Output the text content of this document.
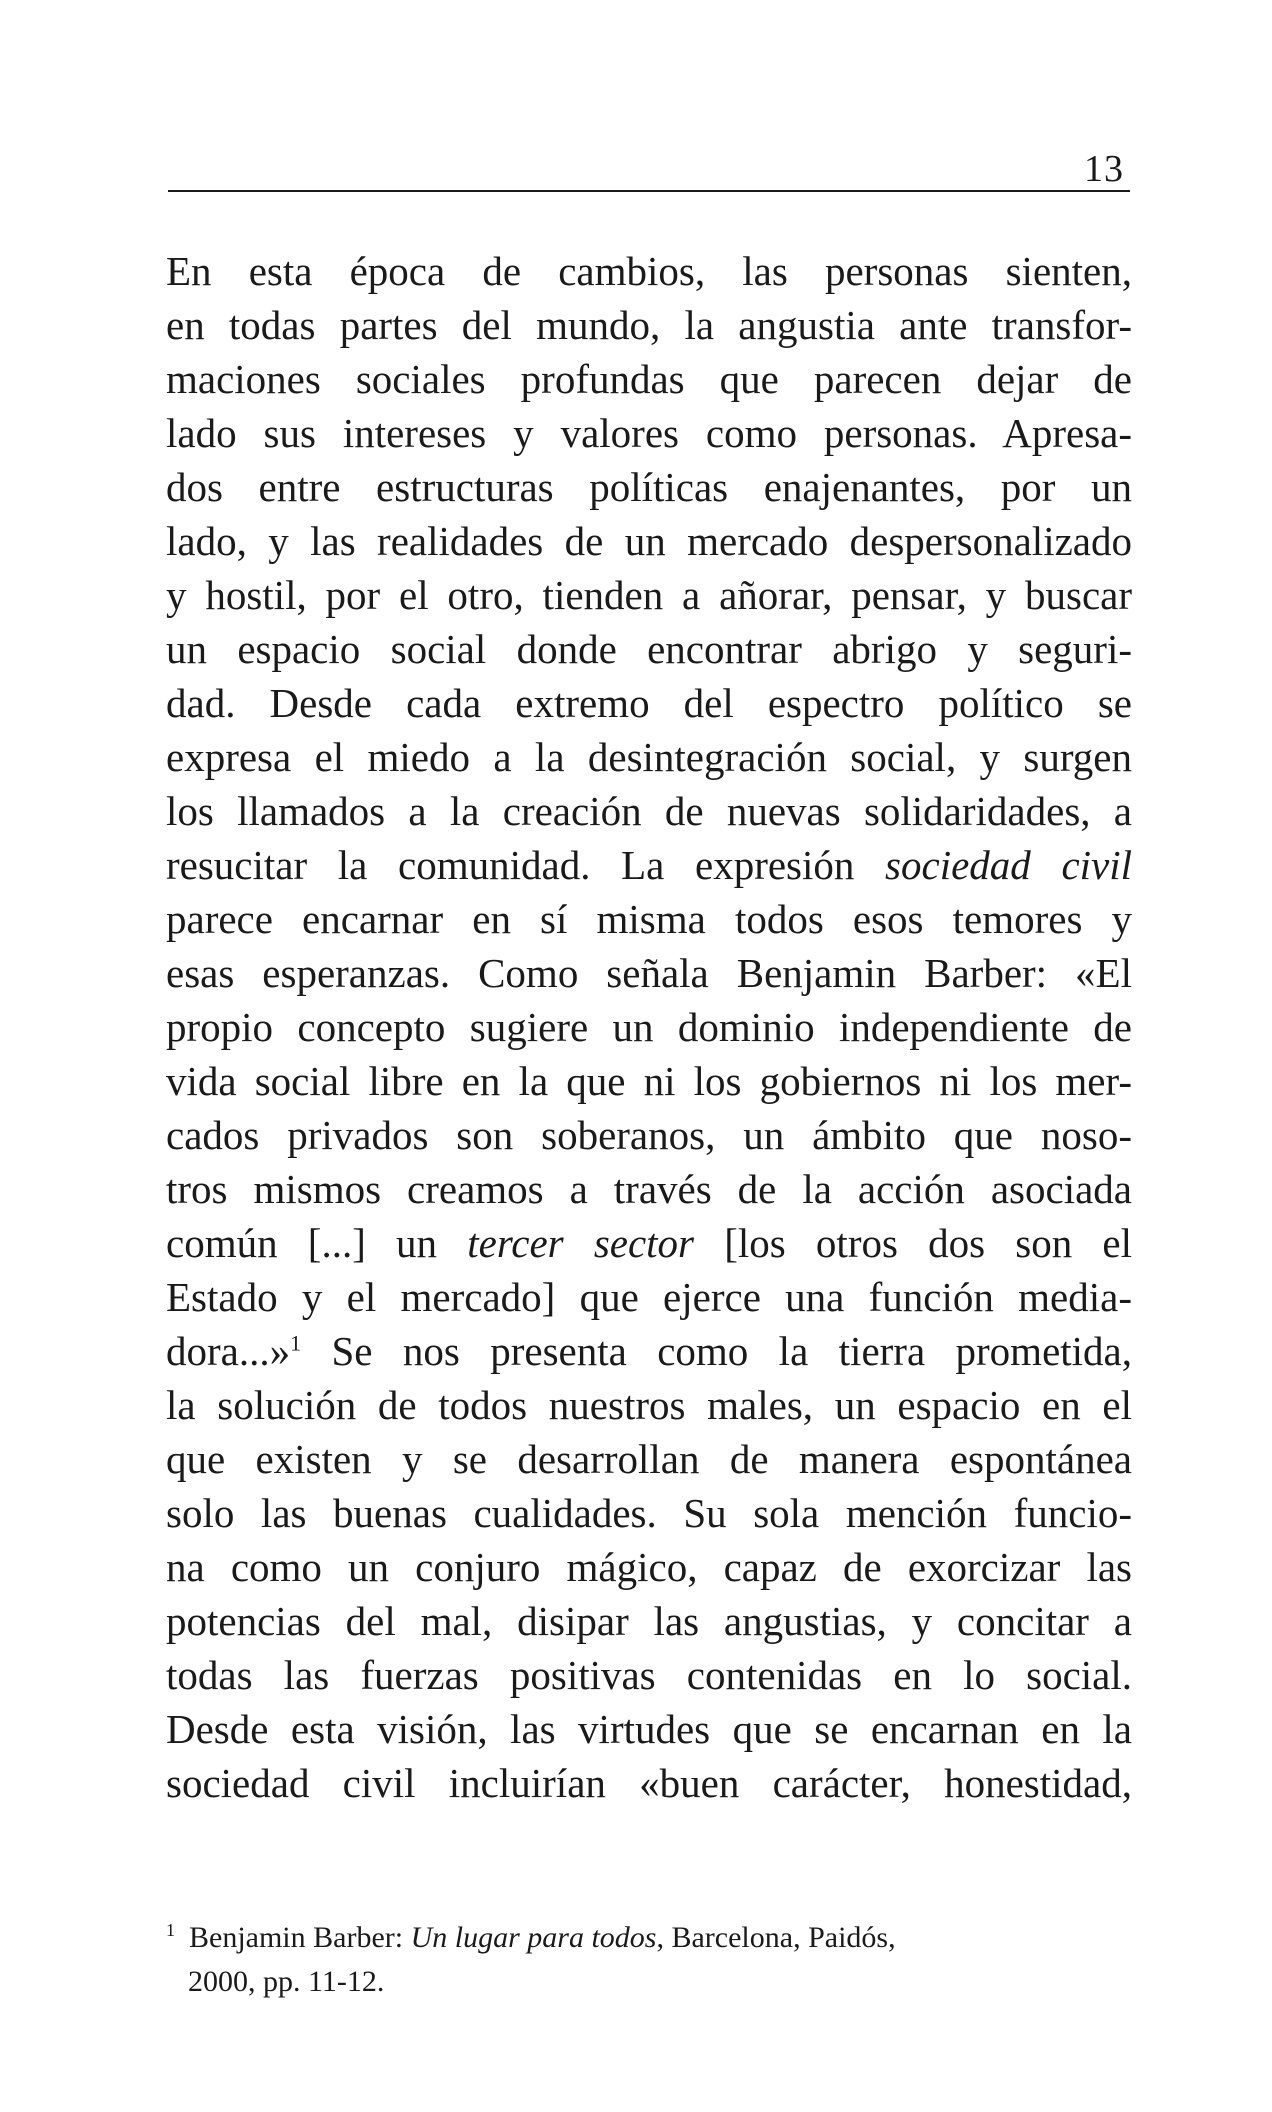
13
En esta época de cambios, las personas sienten,
en todas partes del mundo, la angustia ante transfor-
maciones sociales profundas que parecen dejar de
lado sus intereses y valores como personas. Apresa-
dos entre estructuras políticas enajenantes, por un
lado, y las realidades de un mercado despersonalizado
y hostil, por el otro, tienden a añorar, pensar, y buscar
un espacio social donde encontrar abrigo y seguri-
dad. Desde cada extremo del espectro político se
expresa el miedo a la desintegración social, y surgen
los llamados a la creación de nuevas solidaridades, a
resucitar la comunidad. La expresión sociedad civil
parece encarnar en sí misma todos esos temores y
esas esperanzas. Como señala Benjamin Barber: «El
propio concepto sugiere un dominio independiente de
vida social libre en la que ni los gobiernos ni los mer-
cados privados son soberanos, un ámbito que noso-
tros mismos creamos a través de la acción asociada
común [...] un tercer sector [los otros dos son el
Estado y el mercado] que ejerce una función media-
dora...»$^1$ Se nos presenta como la tierra prometida,
la solución de todos nuestros males, un espacio en el
que existen y se desarrollan de manera espontánea
solo las buenas cualidades. Su sola mención funcio-
na como un conjuro mágico, capaz de exorcizar las
potencias del mal, disipar las angustias, y concitar a
todas las fuerzas positivas contenidas en lo social.
Desde esta visión, las virtudes que se encarnan en la
sociedad civil incluirían «buen carácter, honestidad,
$^1$ Benjamin Barber: Un lugar para todos, Barcelona, Paidós,
2000, pp. 11-12.
